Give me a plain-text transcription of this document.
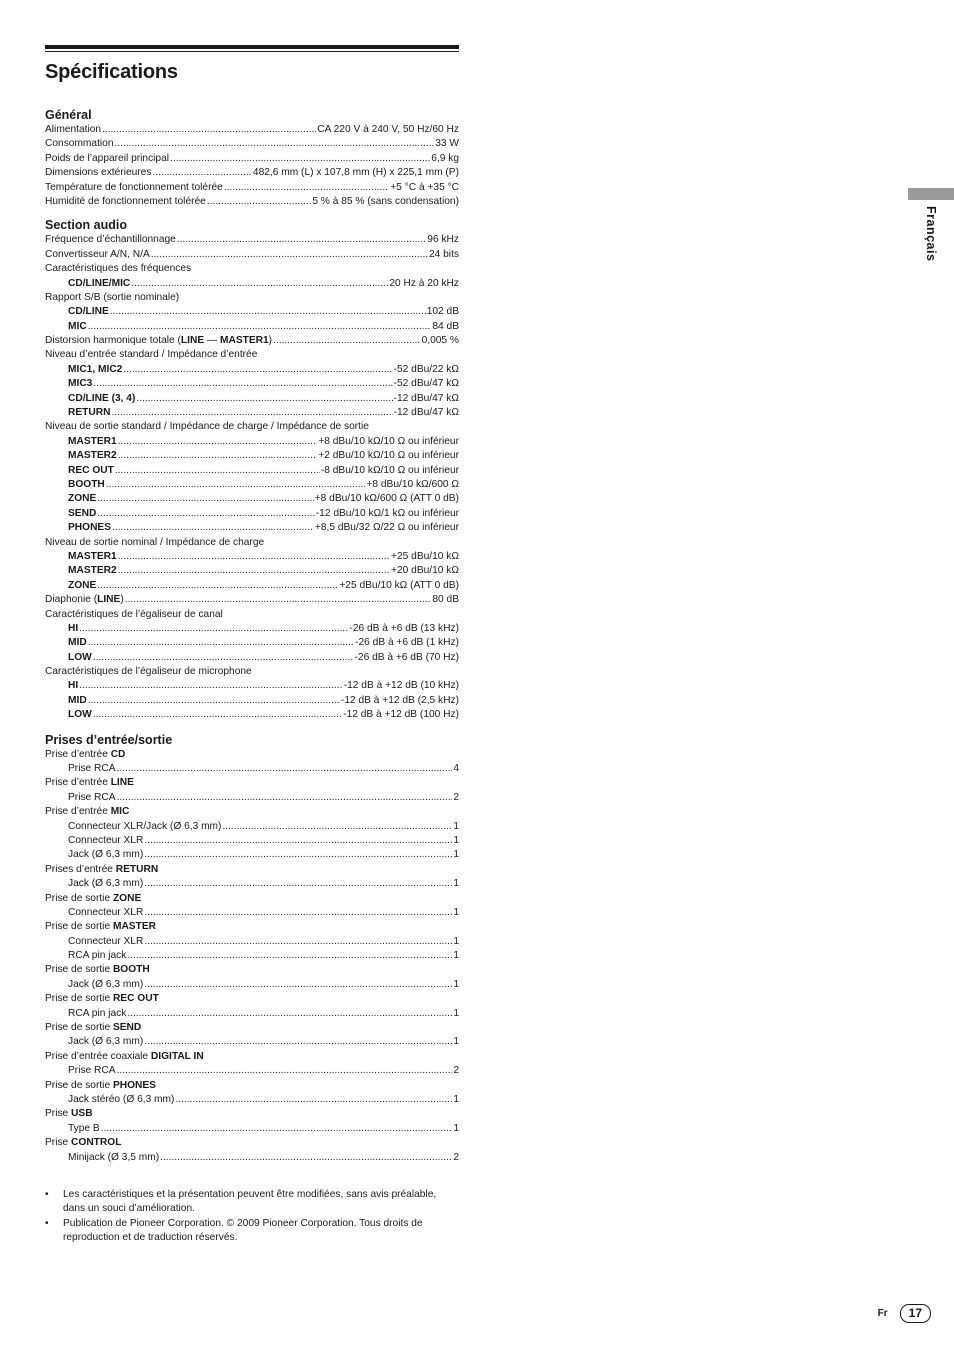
Spécifications
Général
Alimentation .....	CA 220 V à 240 V, 50 Hz/60 Hz
Consommation .....	33 W
Poids de l’appareil principal .....	6,9 kg
Dimensions extérieures .....	482,6 mm (L) x 107,8 mm (H) x 225,1 mm (P)
Température de fonctionnement tolérée .....	+5 °C à +35 °C
Humidité de fonctionnement tolérée .....	5 % à 85 % (sans condensation)
Section audio
Fréquence d’échantillonnage .....	96 kHz
Convertisseur A/N, N/A .....	24 bits
Caractéristiques des fréquences
CD/LINE/MIC .....	20 Hz à 20 kHz
Rapport S/B (sortie nominale)
CD/LINE .....	102 dB
MIC .....	84 dB
Distorsion harmonique totale (LINE — MASTER1) .....	0,005 %
Niveau d’entrée standard / Impédance d’entrée
MIC1, MIC2 .....	-52 dBu/22 kΩ
MIC3 .....	-52 dBu/47 kΩ
CD/LINE (3, 4) .....	-12 dBu/47 kΩ
RETURN .....	-12 dBu/47 kΩ
Niveau de sortie standard / Impédance de charge / Impédance de sortie
MASTER1 .....	+8 dBu/10 kΩ/10 Ω ou inférieur
MASTER2 .....	+2 dBu/10 kΩ/10 Ω ou inférieur
REC OUT .....	-8 dBu/10 kΩ/10 Ω ou inférieur
BOOTH .....	+8 dBu/10 kΩ/600 Ω
ZONE .....	+8 dBu/10 kΩ/600 Ω (ATT 0 dB)
SEND .....	-12 dBu/10 kΩ/1 kΩ ou inférieur
PHONES .....	+8,5 dBu/32 Ω/22 Ω ou inférieur
Niveau de sortie nominal / Impédance de charge
MASTER1 .....	+25 dBu/10 kΩ
MASTER2 .....	+20 dBu/10 kΩ
ZONE .....	+25 dBu/10 kΩ (ATT 0 dB)
Diaphonie (LINE) .....	80 dB
Caractéristiques de l’égaliseur de canal
HI .....	-26 dB à +6 dB (13 kHz)
MID .....	-26 dB à +6 dB (1 kHz)
LOW .....	-26 dB à +6 dB (70 Hz)
Caractéristiques de l’égaliseur de microphone
HI .....	-12 dB à +12 dB (10 kHz)
MID .....	-12 dB à +12 dB (2,5 kHz)
LOW .....	-12 dB à +12 dB (100 Hz)
Prises d’entrée/sortie
Prise d’entrée CD
Prise RCA .....	4
Prise d’entrée LINE
Prise RCA .....	2
Prise d’entrée MIC
Connecteur XLR/Jack (Ø 6,3 mm) .....	1
Connecteur XLR .....	1
Jack (Ø 6,3 mm) .....	1
Prises d’entrée RETURN
Jack (Ø 6,3 mm) .....	1
Prise de sortie ZONE
Connecteur XLR .....	1
Prise de sortie MASTER
Connecteur XLR .....	1
RCA pin jack .....	1
Prise de sortie BOOTH
Jack (Ø 6,3 mm) .....	1
Prise de sortie REC OUT
RCA pin jack .....	1
Prise de sortie SEND
Jack (Ø 6,3 mm) .....	1
Prise d’entrée coaxiale DIGITAL IN
Prise RCA .....	2
Prise de sortie PHONES
Jack stéréo (Ø 6,3 mm) .....	1
Prise USB
Type B .....	1
Prise CONTROL
Minijack (Ø 3,5 mm) .....	2
•	Les caractéristiques et la présentation peuvent être modifiées, sans avis préalable, dans un souci d’amélioration.
•	Publication de Pioneer Corporation. © 2009 Pioneer Corporation. Tous droits de reproduction et de traduction réservés.
Français
Fr	17
